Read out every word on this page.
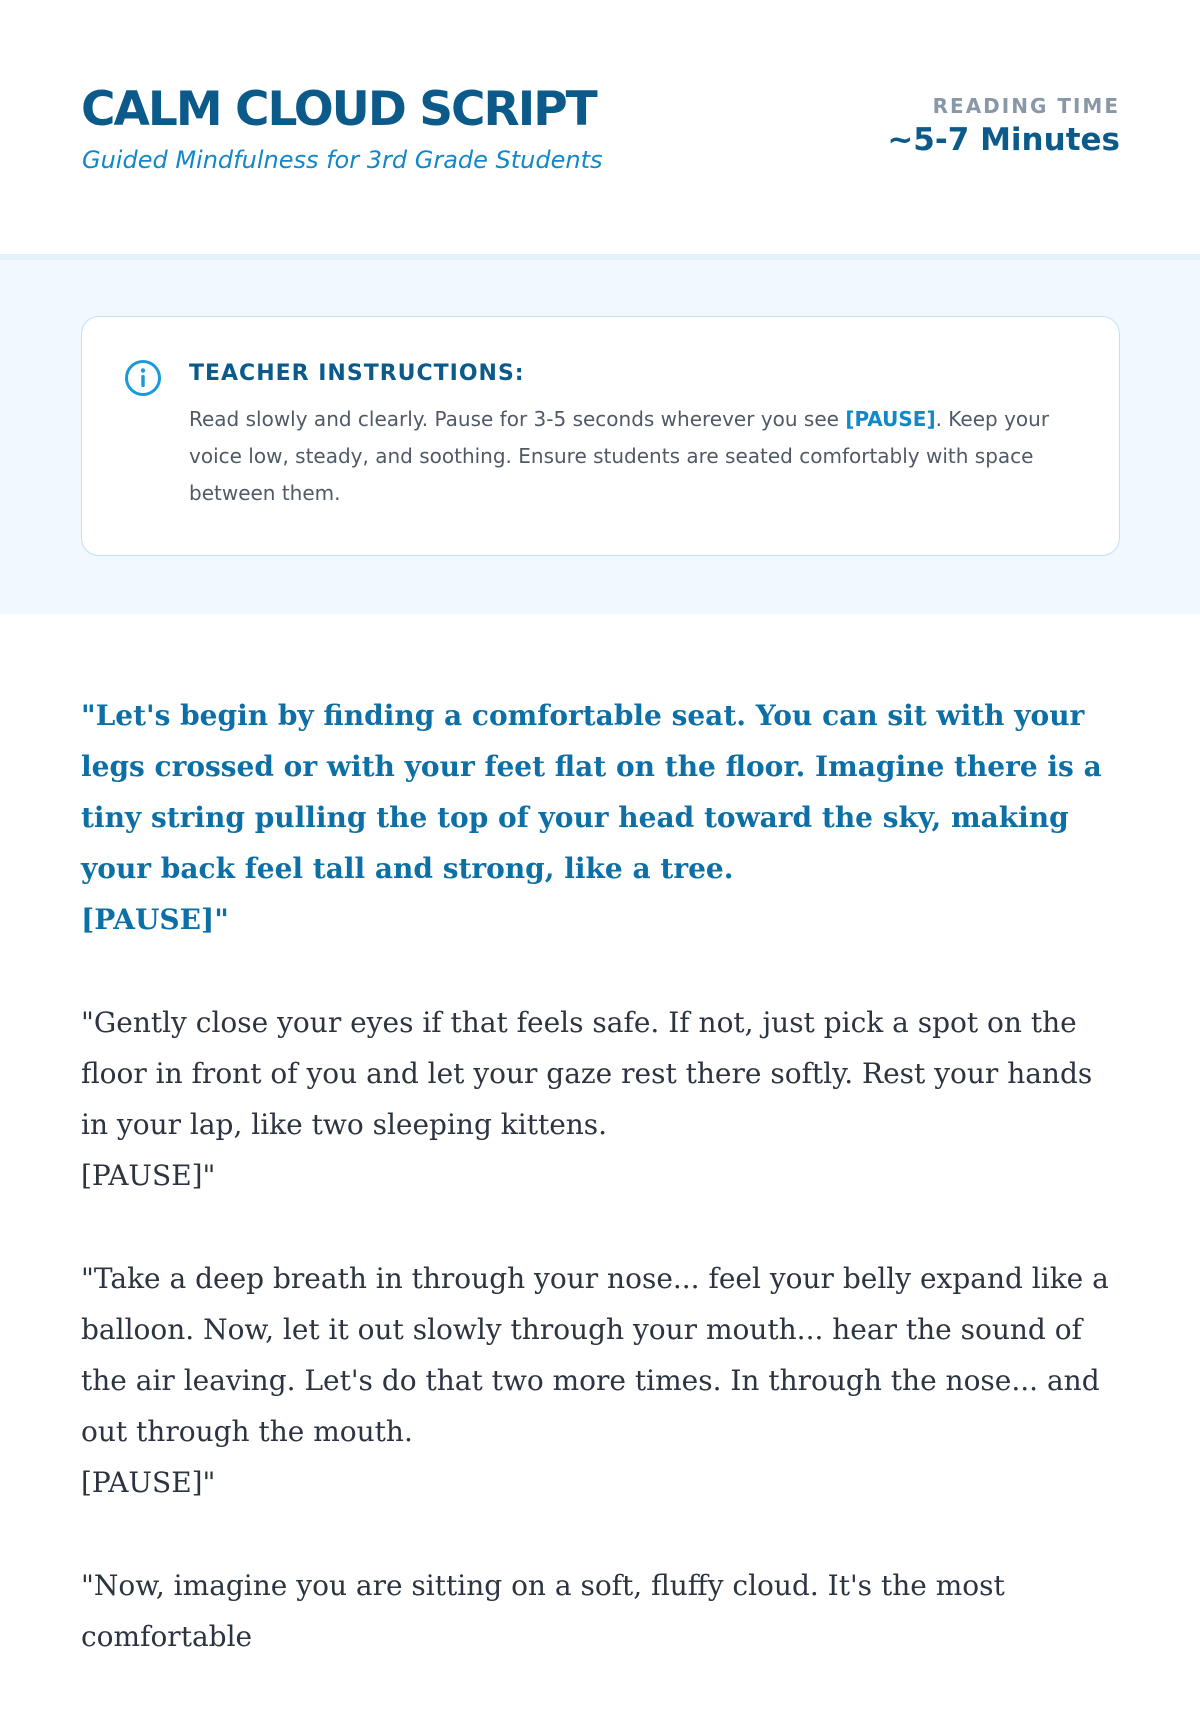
CALM CLOUD SCRIPT
Guided Mindfulness for 3rd Grade Students
READING TIME
~5-7 Minutes
TEACHER INSTRUCTIONS:
Read slowly and clearly. Pause for 3-5 seconds wherever you see [PAUSE]. Keep your voice low, steady, and soothing. Ensure students are seated comfortably with space between them.

"Let's begin by finding a comfortable seat. You can sit with your legs crossed or with your feet flat on the floor. Imagine there is a tiny string pulling the top of your head toward the sky, making your back feel tall and strong, like a tree.
[PAUSE]"

"Gently close your eyes if that feels safe. If not, just pick a spot on the floor in front of you and let your gaze rest there softly. Rest your hands in your lap, like two sleeping kittens.
[PAUSE]"

"Take a deep breath in through your nose... feel your belly expand like a balloon. Now, let it out slowly through your mouth... hear the sound of the air leaving. Let's do that two more times. In through the nose... and out through the mouth.
[PAUSE]"

"Now, imagine you are sitting on a soft, fluffy cloud. It's the most comfortable
